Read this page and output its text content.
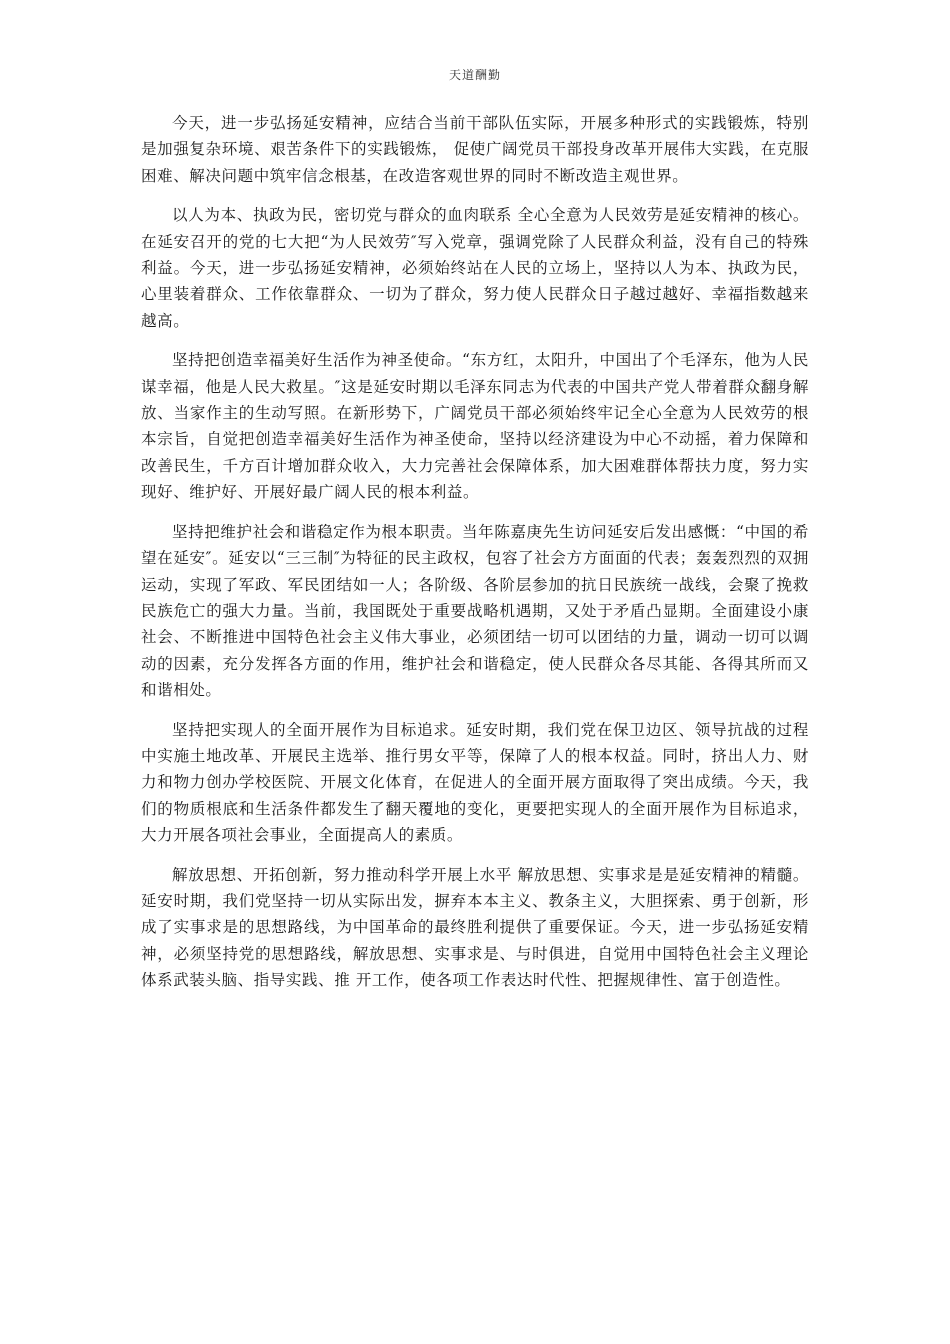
天道酬勤

今天，进一步弘扬延安精神，应结合当前干部队伍实际，开展多种形式的实践锻炼，特别是加强复杂环境、艰苦条件下的实践锻炼， 促使广阔党员干部投身改革开展伟大实践，在克服困难、解决问题中筑牢信念根基，在改造客观世界的同时不断改造主观世界。

以人为本、执政为民，密切党与群众的血肉联系 全心全意为人民效劳是延安精神的核心。在延安召开的党的七大把“为人民效劳″写入党章，强调党除了人民群众利益，没有自己的特殊利益。今天，进一步弘扬延安精神，必须始终站在人民的立场上，坚持以人为本、执政为民，心里装着群众、工作依靠群众、一切为了群众，努力使人民群众日子越过越好、幸福指数越来越高。

坚持把创造幸福美好生活作为神圣使命。“东方红，太阳升，中国出了个毛泽东，他为人民谋幸福，他是人民大救星。″这是延安时期以毛泽东同志为代表的中国共产党人带着群众翻身解放、当家作主的生动写照。在新形势下，广阔党员干部必须始终牢记全心全意为人民效劳的根本宗旨，自觉把创造幸福美好生活作为神圣使命，坚持以经济建设为中心不动摇，着力保障和改善民生，千方百计增加群众收入，大力完善社会保障体系，加大困难群体帮扶力度，努力实现好、维护好、开展好最广阔人民的根本利益。

坚持把维护社会和谐稳定作为根本职责。当年陈嘉庚先生访问延安后发出感慨：“中国的希望在延安″。延安以“三三制″为特征的民主政权，包容了社会方方面面的代表；轰轰烈烈的双拥运动，实现了军政、军民团结如一人；各阶级、各阶层参加的抗日民族统一战线，会聚了挽救民族危亡的强大力量。当前，我国既处于重要战略机遇期，又处于矛盾凸显期。全面建设小康社会、不断推进中国特色社会主义伟大事业，必须团结一切可以团结的力量，调动一切可以调动的因素，充分发挥各方面的作用，维护社会和谐稳定，使人民群众各尽其能、各得其所而又和谐相处。

坚持把实现人的全面开展作为目标追求。延安时期，我们党在保卫边区、领导抗战的过程中实施土地改革、开展民主选举、推行男女平等，保障了人的根本权益。同时，挤出人力、财力和物力创办学校医院、开展文化体育，在促进人的全面开展方面取得了突出成绩。今天，我们的物质根底和生活条件都发生了翻天覆地的变化，更要把实现人的全面开展作为目标追求，大力开展各项社会事业，全面提高人的素质。

解放思想、开拓创新，努力推动科学开展上水平 解放思想、实事求是是延安精神的精髓。延安时期，我们党坚持一切从实际出发，摒弃本本主义、教条主义，大胆探索、勇于创新，形成了实事求是的思想路线，为中国革命的最终胜利提供了重要保证。今天，进一步弘扬延安精神，必须坚持党的思想路线，解放思想、实事求是、与时俱进，自觉用中国特色社会主义理论体系武装头脑、指导实践、推 开工作，使各项工作表达时代性、把握规律性、富于创造性。
